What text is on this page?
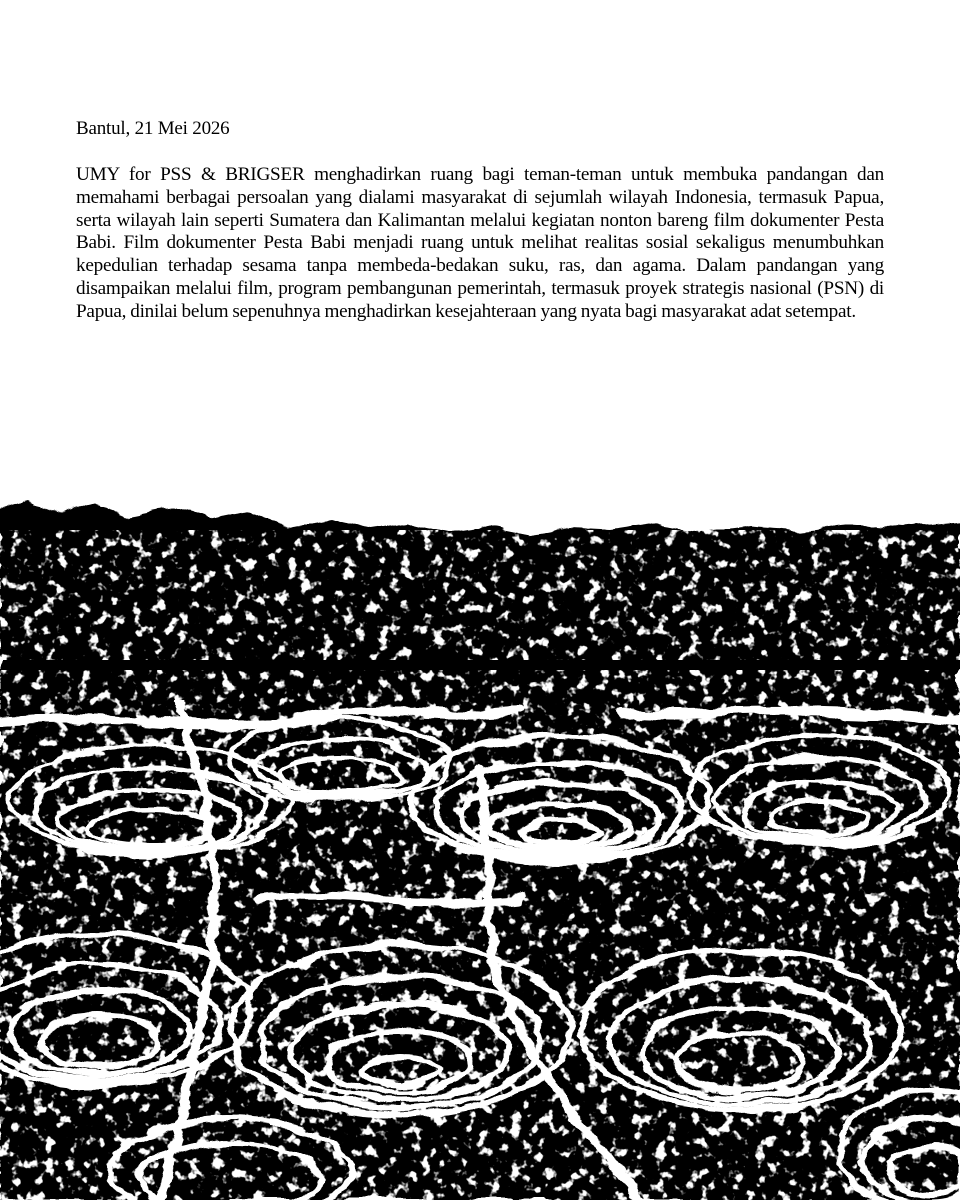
Bantul, 21 Mei 2026

UMY for PSS & BRIGSER menghadirkan ruang bagi teman-teman untuk membuka pandangan dan memahami berbagai persoalan yang dialami masyarakat di sejumlah wilayah Indonesia, termasuk Papua, serta wilayah lain seperti Sumatera dan Kalimantan melalui kegiatan nonton bareng film dokumenter Pesta Babi. Film dokumenter Pesta Babi menjadi ruang untuk melihat realitas sosial sekaligus menumbuhkan kepedulian terhadap sesama tanpa membeda-bedakan suku, ras, dan agama. Dalam pandangan yang disampaikan melalui film, program pembangunan pemerintah, termasuk proyek strategis nasional (PSN) di Papua, dinilai belum sepenuhnya menghadirkan kesejahteraan yang nyata bagi masyarakat adat setempat.
